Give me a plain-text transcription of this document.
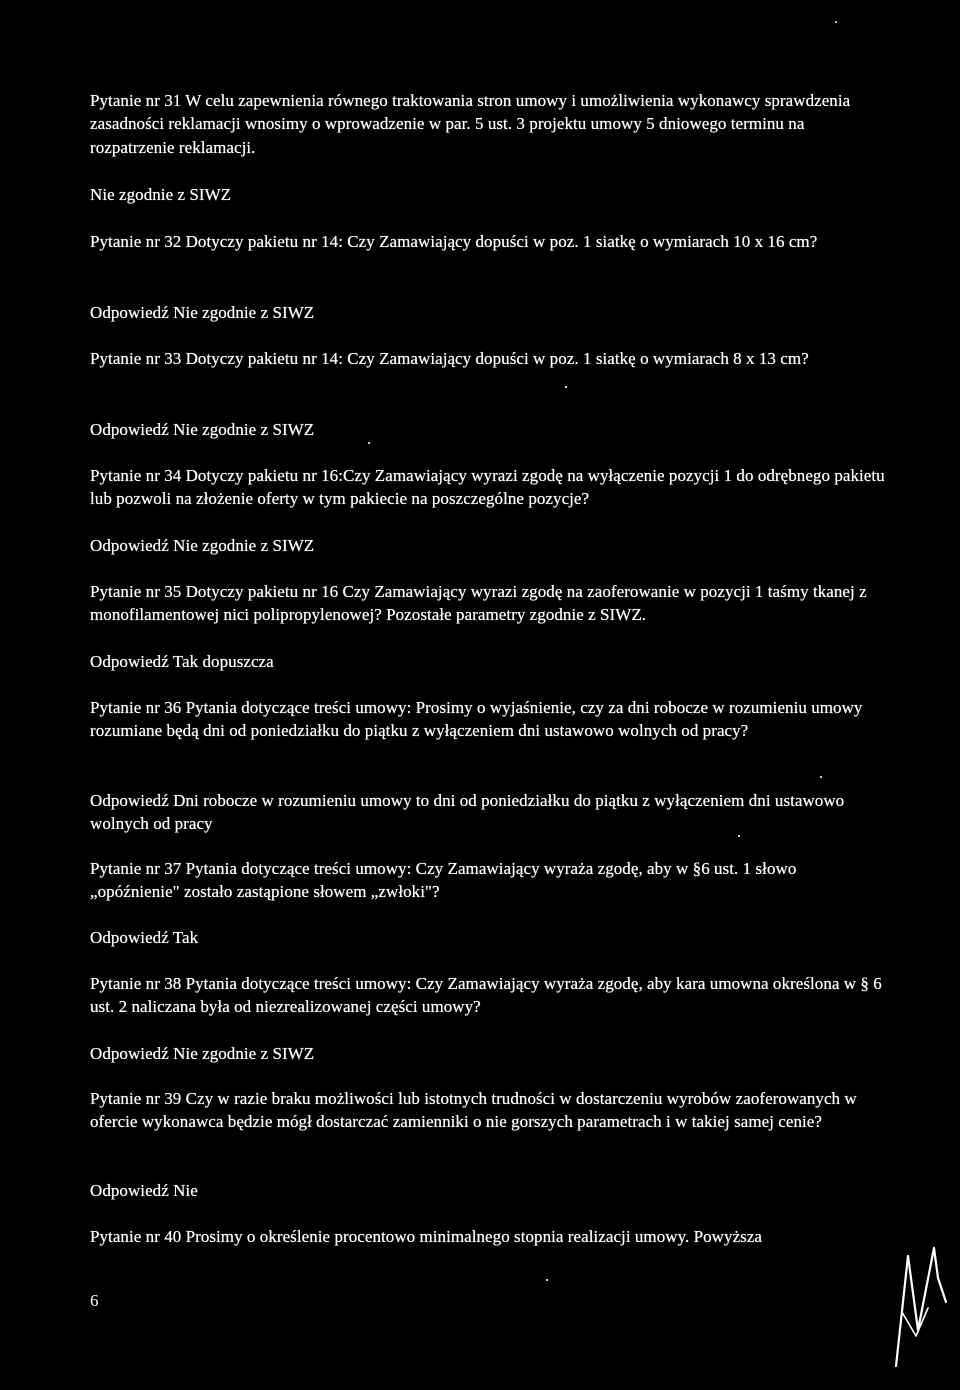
Pytanie nr 31 W celu zapewnienia równego traktowania stron umowy i umożliwienia wykonawcy sprawdzenia zasadności reklamacji wnosimy o wprowadzenie w par. 5 ust. 3 projektu umowy 5 dniowego terminu na rozpatrzenie reklamacji.

Nie zgodnie z SIWZ

Pytanie nr 32 Dotyczy pakietu nr 14: Czy Zamawiający dopuści w poz. 1 siatkę o wymiarach 10 x 16 cm?

Odpowiedź Nie zgodnie z SIWZ

Pytanie nr 33 Dotyczy pakietu nr 14: Czy Zamawiający dopuści w poz. 1 siatkę o wymiarach 8 x 13 cm?

Odpowiedź Nie zgodnie z SIWZ

Pytanie nr 34 Dotyczy pakietu nr 16:Czy Zamawiający wyrazi zgodę na wyłączenie pozycji 1 do odrębnego pakietu lub pozwoli na złożenie oferty w tym pakiecie na poszczególne pozycje?

Odpowiedź Nie zgodnie z SIWZ

Pytanie nr 35 Dotyczy pakietu nr 16 Czy Zamawiający wyrazi zgodę na zaoferowanie w pozycji 1 taśmy tkanej z monofilamentowej nici polipropylenowej? Pozostałe parametry zgodnie z SIWZ.

Odpowiedź Tak dopuszcza

Pytanie nr 36 Pytania dotyczące treści umowy: Prosimy o wyjaśnienie, czy za dni robocze w rozumieniu umowy rozumiane będą dni od poniedziałku do piątku z wyłączeniem dni ustawowo wolnych od pracy?

Odpowiedź Dni robocze w rozumieniu umowy to dni od poniedziałku do piątku z wyłączeniem dni ustawowo wolnych od pracy

Pytanie nr 37 Pytania dotyczące treści umowy: Czy Zamawiający wyraża zgodę, aby w §6 ust. 1 słowo „opóźnienie" zostało zastąpione słowem „zwłoki"?

Odpowiedź Tak

Pytanie nr 38 Pytania dotyczące treści umowy: Czy Zamawiający wyraża zgodę, aby kara umowna określona w § 6 ust. 2 naliczana była od niezrealizowanej części umowy?

Odpowiedź Nie zgodnie z SIWZ

Pytanie nr 39 Czy w razie braku możliwości lub istotnych trudności w dostarczeniu wyrobów zaoferowanych w ofercie wykonawca będzie mógł dostarczać zamienniki o nie gorszych parametrach i w takiej samej cenie?

Odpowiedź Nie

Pytanie nr 40 Prosimy o określenie procentowo minimalnego stopnia realizacji umowy. Powyższa

6
